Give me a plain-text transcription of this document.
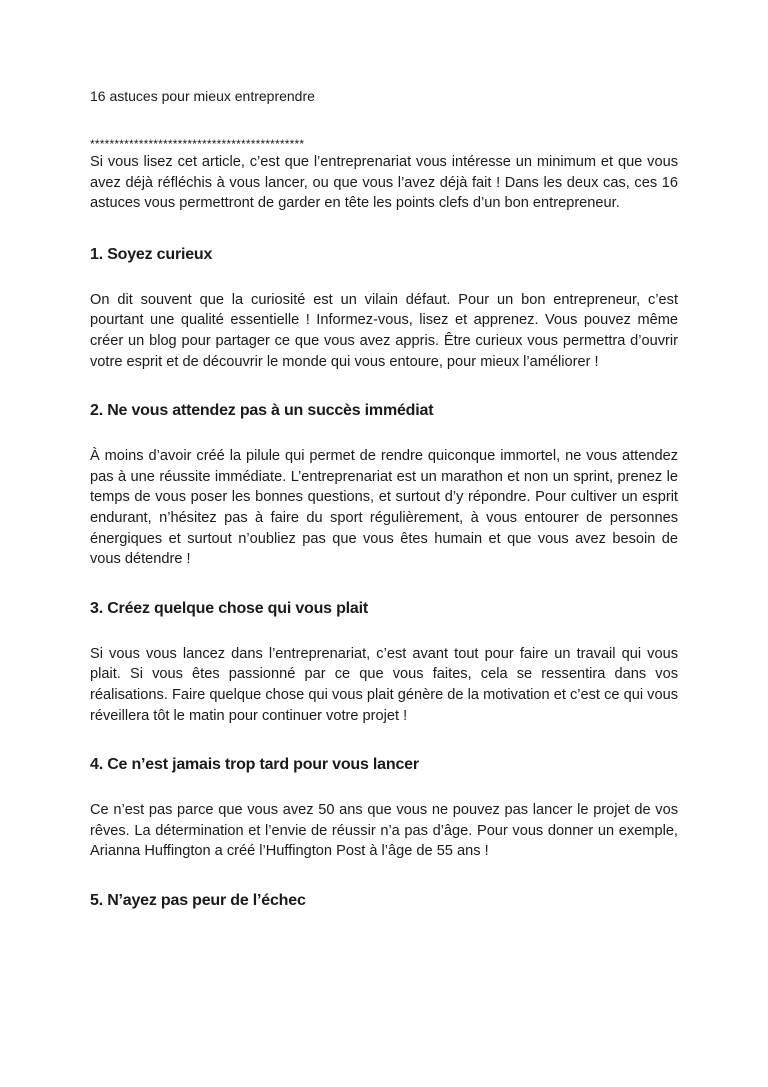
16 astuces pour mieux entreprendre

********************************************

Si vous lisez cet article, c’est que l’entreprenariat vous intéresse un minimum et que vous avez déjà réfléchis à vous lancer, ou que vous l’avez déjà fait ! Dans les deux cas, ces 16 astuces vous permettront de garder en tête les points clefs d’un bon entrepreneur.

1. Soyez curieux

On dit souvent que la curiosité est un vilain défaut. Pour un bon entrepreneur, c’est pourtant une qualité essentielle ! Informez-vous, lisez et apprenez. Vous pouvez même créer un blog pour partager ce que vous avez appris. Être curieux vous permettra d’ouvrir votre esprit et de découvrir le monde qui vous entoure, pour mieux l’améliorer !

2. Ne vous attendez pas à un succès immédiat

À moins d’avoir créé la pilule qui permet de rendre quiconque immortel, ne vous attendez pas à une réussite immédiate. L’entreprenariat est un marathon et non un sprint, prenez le temps de vous poser les bonnes questions, et surtout d’y répondre. Pour cultiver un esprit endurant, n’hésitez pas à faire du sport régulièrement, à vous entourer de personnes énergiques et surtout n’oubliez pas que vous êtes humain et que vous avez besoin de vous détendre !

3. Créez quelque chose qui vous plait

Si vous vous lancez dans l’entreprenariat, c’est avant tout pour faire un travail qui vous plait. Si vous êtes passionné par ce que vous faites, cela se ressentira dans vos réalisations. Faire quelque chose qui vous plait génère de la motivation et c’est ce qui vous réveillera tôt le matin pour continuer votre projet !

4. Ce n’est jamais trop tard pour vous lancer

Ce n’est pas parce que vous avez 50 ans que vous ne pouvez pas lancer le projet de vos rêves. La détermination et l’envie de réussir n’a pas d’âge. Pour vous donner un exemple, Arianna Huffington a créé l’Huffington Post à l’âge de 55 ans !

5. N’ayez pas peur de l’échec
